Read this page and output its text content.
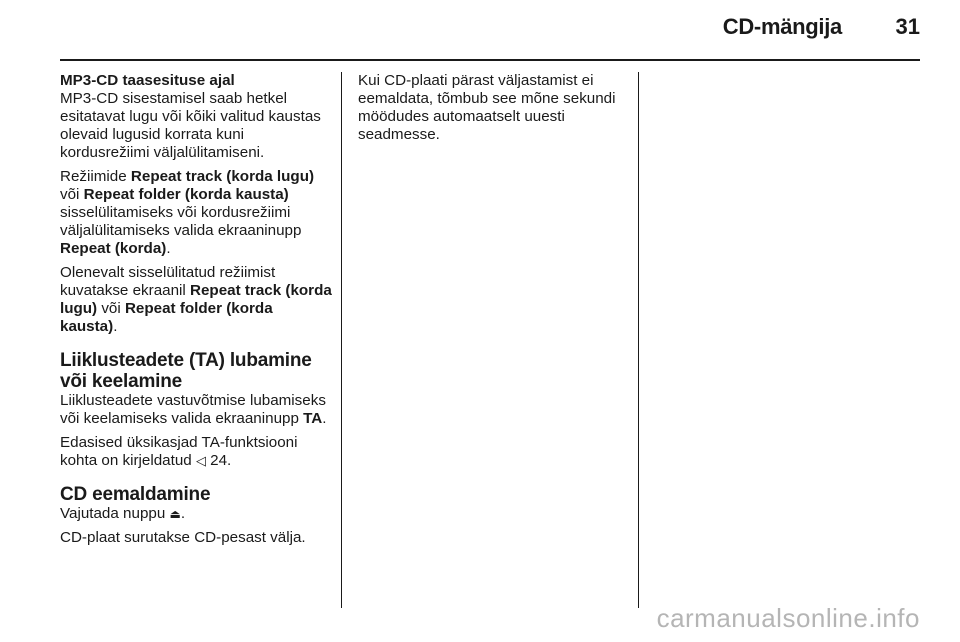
CD-mängija 31

MP3-CD taasesituse ajal

MP3-CD sisestamisel saab hetkel esitatavat lugu või kõiki valitud kaustas olevaid lugusid korrata kuni kordusrežiimi väljalülitamiseni.

Režiimide Repeat track (korda lugu) või Repeat folder (korda kausta) sisselülitamiseks või kordusrežiimi väljalülitamiseks valida ekraaninupp Repeat (korda).

Olenevalt sisselülitatud režiimist kuvatakse ekraanil Repeat track (korda lugu) või Repeat folder (korda kausta).

Liiklusteadete (TA) lubamine või keelamine

Liiklusteadete vastuvõtmise lubamiseks või keelamiseks valida ekraaninupp TA.

Edasised üksikasjad TA-funktsiooni kohta on kirjeldatud ◁ 24.

CD eemaldamine

Vajutada nuppu ⏏.

CD-plaat surutakse CD-pesast välja.

Kui CD-plaati pärast väljastamist ei eemaldata, tõmbub see mõne sekundi möödudes automaatselt uuesti seadmesse.

carmanualsonline.info
